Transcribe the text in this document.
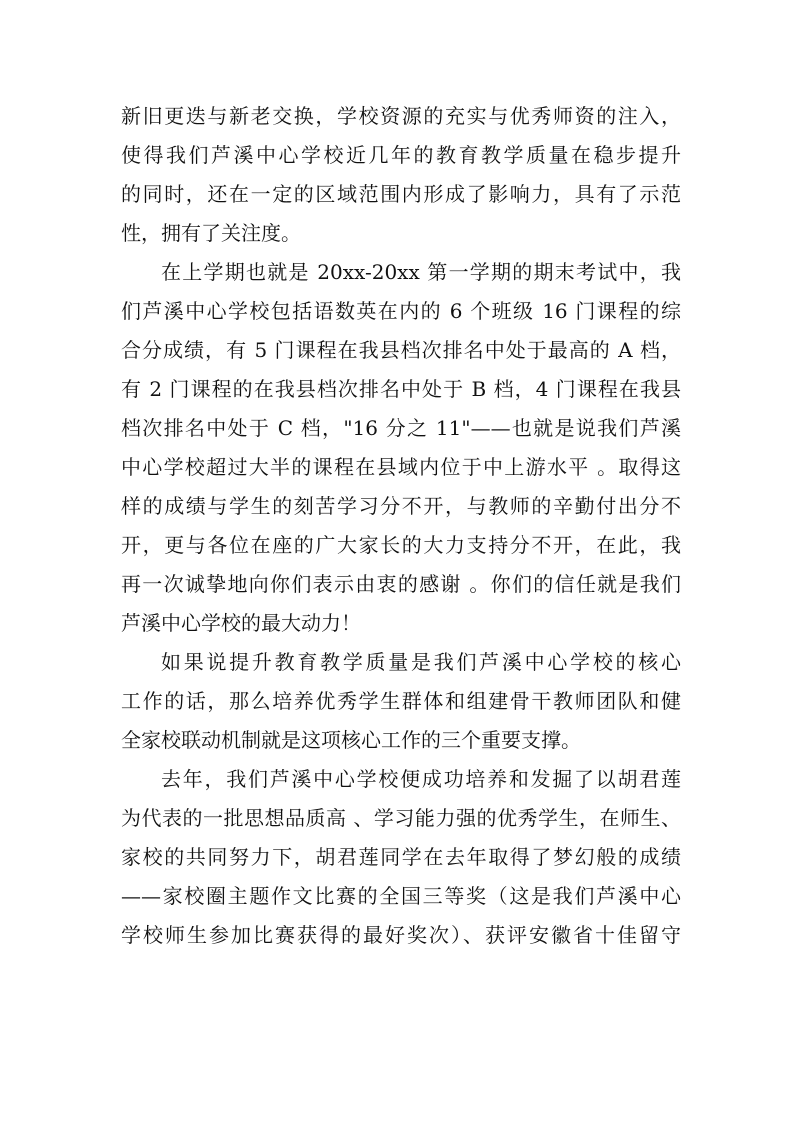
新旧更迭与新老交换，学校资源的充实与优秀师资的注入，
使得我们芦溪中心学校近几年的教育教学质量在稳步提升
的同时，还在一定的区域范围内形成了影响力，具有了示范
性，拥有了关注度。
在上学期也就是 20xx-20xx 第一学期的期末考试中，我
们芦溪中心学校包括语数英在内的 6 个班级 16 门课程的综
合分成绩，有 5 门课程在我县档次排名中处于最高的 A 档，
有 2 门课程的在我县档次排名中处于 B 档，4 门课程在我县
档次排名中处于 C 档，"16 分之 11"——也就是说我们芦溪
中心学校超过大半的课程在县域内位于中上游水平 。取得这
样的成绩与学生的刻苦学习分不开，与教师的辛勤付出分不
开，更与各位在座的广大家长的大力支持分不开，在此，我
再一次诚挚地向你们表示由衷的感谢 。你们的信任就是我们
芦溪中心学校的最大动力！
如果说提升教育教学质量是我们芦溪中心学校的核心
工作的话，那么培养优秀学生群体和组建骨干教师团队和健
全家校联动机制就是这项核心工作的三个重要支撑。
去年，我们芦溪中心学校便成功培养和发掘了以胡君莲
为代表的一批思想品质高 、学习能力强的优秀学生，在师生、
家校的共同努力下，胡君莲同学在去年取得了梦幻般的成绩
——家校圈主题作文比赛的全国三等奖（这是我们芦溪中心
学校师生参加比赛获得的最好奖次）、获评安徽省十佳留守
